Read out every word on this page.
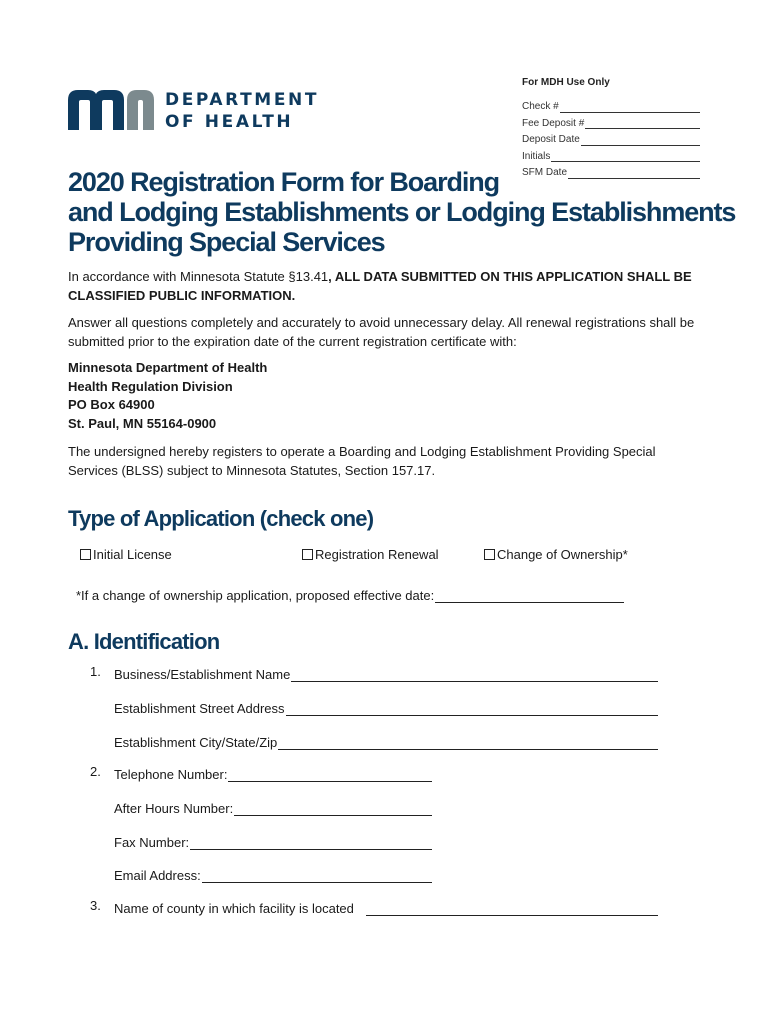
DEPARTMENT
OF HEALTH
For MDH Use Only
Check #
Fee Deposit #
Deposit Date
Initials
SFM Date
2020 Registration Form for Boarding
and Lodging Establishments or Lodging Establishments
Providing Special Services

In accordance with Minnesota Statute §13.41, ALL DATA SUBMITTED ON THIS APPLICATION SHALL BE CLASSIFIED PUBLIC INFORMATION.

Answer all questions completely and accurately to avoid unnecessary delay. All renewal registrations shall be submitted prior to the expiration date of the current registration certificate with:

Minnesota Department of Health
Health Regulation Division
PO Box 64900
St. Paul, MN 55164-0900

The undersigned hereby registers to operate a Boarding and Lodging Establishment Providing Special Services (BLSS) subject to Minnesota Statutes, Section 157.17.

Type of Application (check one)
Initial License	Registration Renewal	Change of Ownership*
*If a change of ownership application, proposed effective date:
A. Identification
1. Business/Establishment Name
Establishment Street Address
Establishment City/State/Zip
2. Telephone Number:
After Hours Number:
Fax Number:
Email Address:
3. Name of county in which facility is located
